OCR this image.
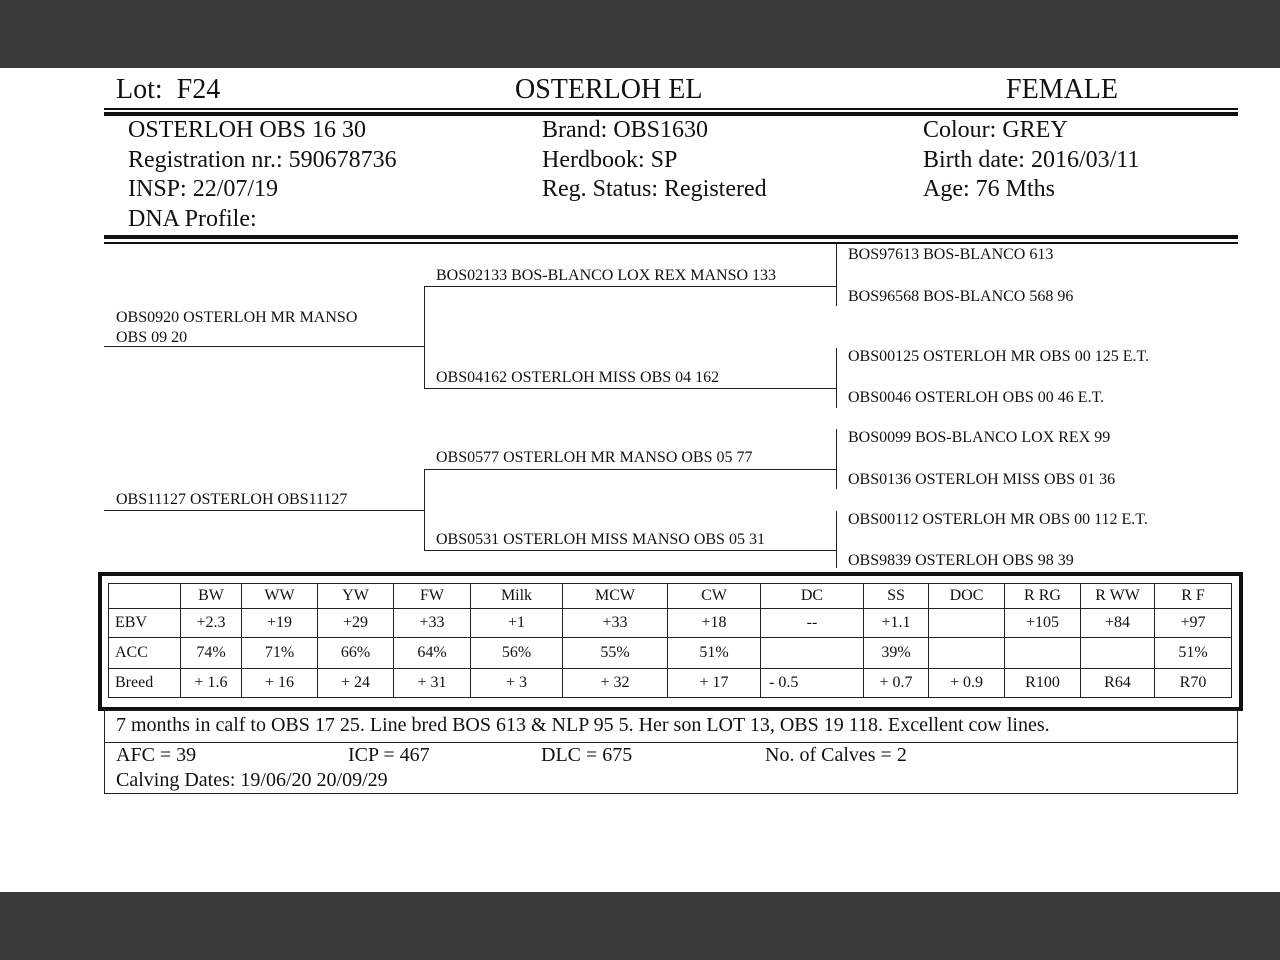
Lot: F24	OSTERLOH EL	FEMALE
OSTERLOH OBS 16 30
Registration nr.: 590678736
INSP: 22/07/19
DNA Profile:
Brand: OBS1630
Herdbook: SP
Reg. Status: Registered
Colour: GREY
Birth date: 2016/03/11
Age: 76 Mths
OBS0920 OSTERLOH MR MANSO
OBS 09 20
OBS11127 OSTERLOH OBS11127
BOS02133 BOS-BLANCO LOX REX MANSO 133
OBS04162 OSTERLOH MISS OBS 04 162
OBS0577 OSTERLOH MR MANSO OBS 05 77
OBS0531 OSTERLOH MISS MANSO OBS 05 31
BOS97613 BOS-BLANCO 613
BOS96568 BOS-BLANCO 568 96
OBS00125 OSTERLOH MR OBS 00 125 E.T.
OBS0046 OSTERLOH OBS 00 46 E.T.
BOS0099 BOS-BLANCO LOX REX 99
OBS0136 OSTERLOH MISS OBS 01 36
OBS00112 OSTERLOH MR OBS 00 112 E.T.
OBS9839 OSTERLOH OBS 98 39
	BW	WW	YW	FW	Milk	MCW	CW	DC	SS	DOC	R RG	R WW	R F
EBV	+2.3	+19	+29	+33	+1	+33	+18	--	+1.1		+105	+84	+97
ACC	74%	71%	66%	64%	56%	55%	51%		39%				51%
Breed	+ 1.6	+ 16	+ 24	+ 31	+ 3	+ 32	+ 17	- 0.5	+ 0.7	+ 0.9	R100	R64	R70
7 months in calf to OBS 17 25. Line bred BOS 613 & NLP 95 5. Her son LOT 13, OBS 19 118. Excellent cow lines.
AFC = 39	ICP = 467	DLC = 675	No. of Calves = 2
Calving Dates: 19/06/20 20/09/29
